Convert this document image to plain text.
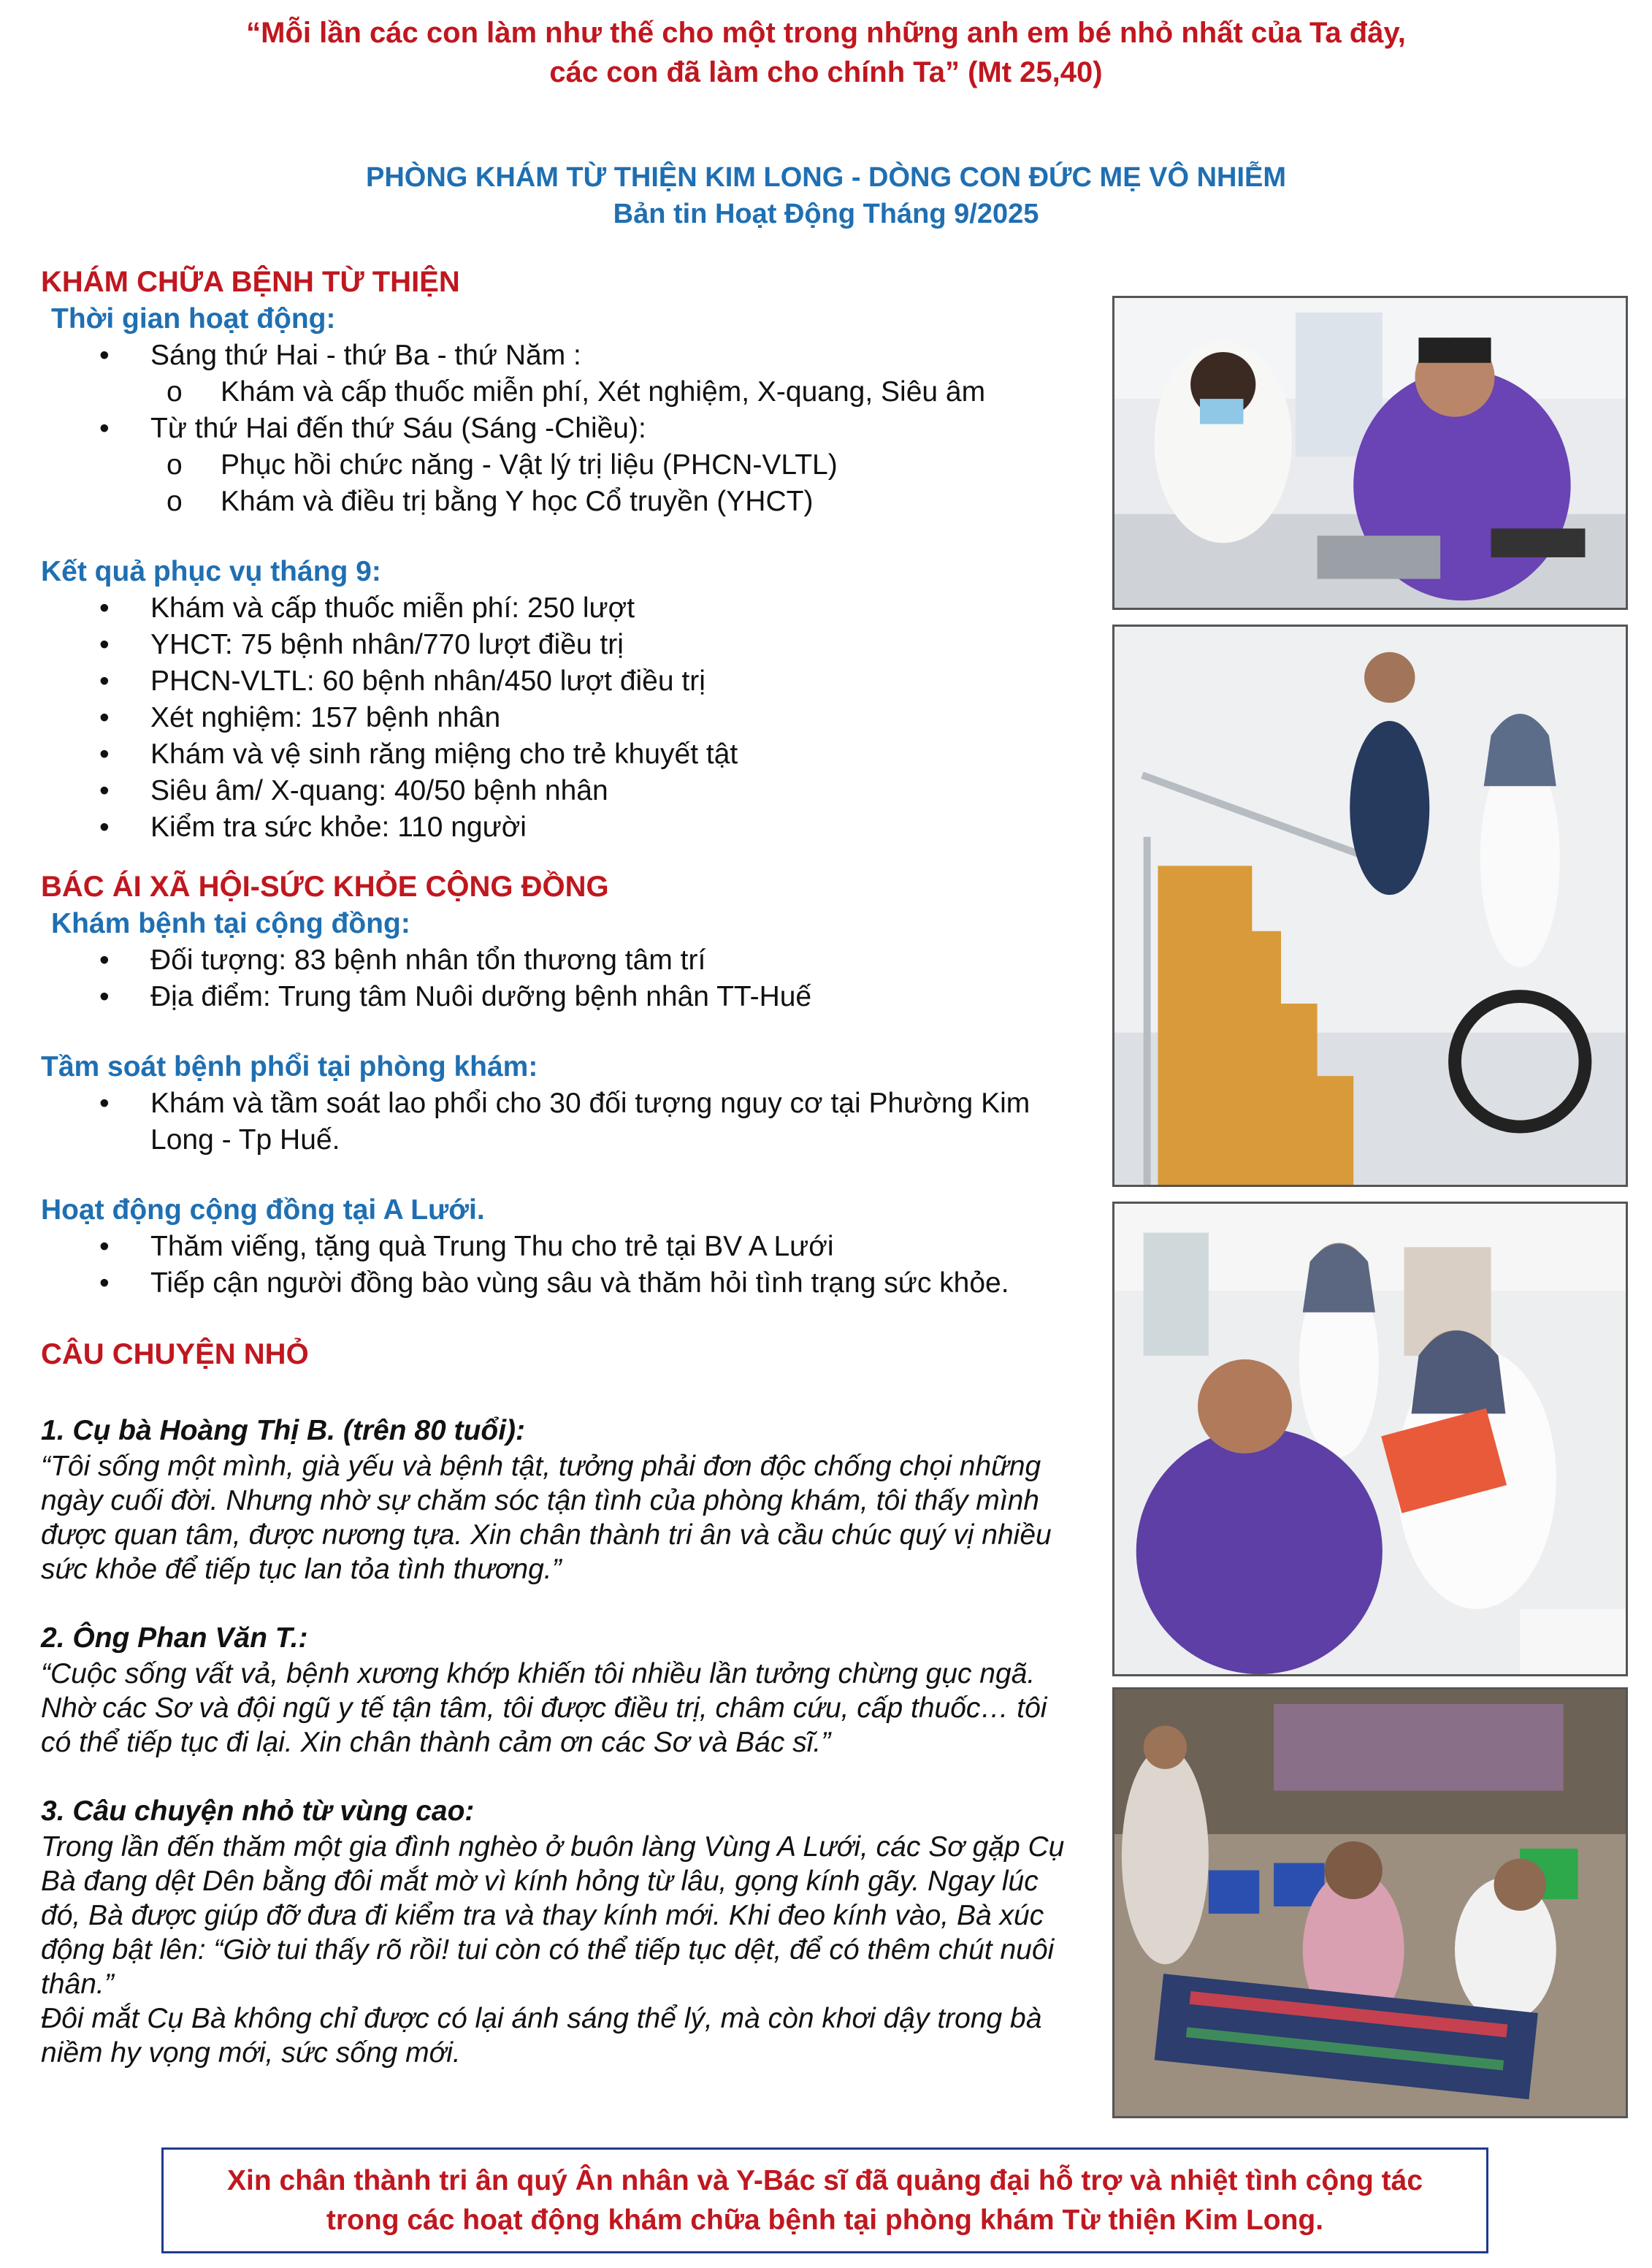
“Mỗi lần các con làm như thế cho một trong những anh em bé nhỏ nhất của Ta đây,
các con đã làm cho chính Ta” (Mt 25,40)
PHÒNG KHÁM TỪ THIỆN KIM LONG - DÒNG CON ĐỨC MẸ VÔ NHIỄM
Bản tin Hoạt Động Tháng 9/2025
KHÁM CHỮA BỆNH TỪ THIỆN
Thời gian hoạt động:
• Sáng thứ Hai - thứ Ba - thứ Năm :
o Khám và cấp thuốc miễn phí, Xét nghiệm, X-quang, Siêu âm
• Từ thứ Hai đến thứ Sáu (Sáng -Chiều):
o Phục hồi chức năng - Vật lý trị liệu (PHCN-VLTL)
o Khám và điều trị bằng Y học Cổ truyền (YHCT)
Kết quả phục vụ tháng 9:
• Khám và cấp thuốc miễn phí: 250 lượt
• YHCT: 75 bệnh nhân/770 lượt điều trị
• PHCN-VLTL: 60 bệnh nhân/450 lượt điều trị
• Xét nghiệm: 157 bệnh nhân
• Khám và vệ sinh răng miệng cho trẻ khuyết tật
• Siêu âm/ X-quang: 40/50 bệnh nhân
• Kiểm tra sức khỏe: 110 người
BÁC ÁI XÃ HỘI-SỨC KHỎE CỘNG ĐỒNG
Khám bệnh tại cộng đồng:
• Đối tượng: 83 bệnh nhân tổn thương tâm trí
• Địa điểm: Trung tâm Nuôi dưỡng bệnh nhân TT-Huế
Tầm soát bệnh phổi tại phòng khám:
• Khám và tầm soát lao phổi cho 30 đối tượng nguy cơ tại Phường Kim Long - Tp Huế.
Hoạt động cộng đồng tại A Lưới.
• Thăm viếng, tặng quà Trung Thu cho trẻ tại BV A Lưới
• Tiếp cận người đồng bào vùng sâu và thăm hỏi tình trạng sức khỏe.
CÂU CHUYỆN NHỎ
1. Cụ bà Hoàng Thị B. (trên 80 tuổi):
“Tôi sống một mình, già yếu và bệnh tật, tưởng phải đơn độc chống chọi những ngày cuối đời. Nhưng nhờ sự chăm sóc tận tình của phòng khám, tôi thấy mình được quan tâm, được nương tựa. Xin chân thành tri ân và cầu chúc quý vị nhiều sức khỏe để tiếp tục lan tỏa tình thương.”
2. Ông Phan Văn T.:
“Cuộc sống vất vả, bệnh xương khớp khiến tôi nhiều lần tưởng chừng gục ngã. Nhờ các Sơ và đội ngũ y tế tận tâm, tôi được điều trị, châm cứu, cấp thuốc… tôi có thể tiếp tục đi lại. Xin chân thành cảm ơn các Sơ và Bác sĩ.”
3. Câu chuyện nhỏ từ vùng cao:
Trong lần đến thăm một gia đình nghèo ở buôn làng Vùng A Lưới, các Sơ gặp Cụ Bà đang dệt Dên bằng đôi mắt mờ vì kính hỏng từ lâu, gọng kính gãy. Ngay lúc đó, Bà được giúp đỡ đưa đi kiểm tra và thay kính mới. Khi đeo kính vào, Bà xúc động bật lên: “Giờ tui thấy rõ rồi! tui còn có thể tiếp tục dệt, để có thêm chút nuôi thân.”
Đôi mắt Cụ Bà không chỉ được có lại ánh sáng thể lý, mà còn khơi dậy trong bà niềm hy vọng mới, sức sống mới.
Xin chân thành tri ân quý Ân nhân và Y-Bác sĩ đã quảng đại hỗ trợ và nhiệt tình cộng tác
trong các hoạt động khám chữa bệnh tại phòng khám Từ thiện Kim Long.
